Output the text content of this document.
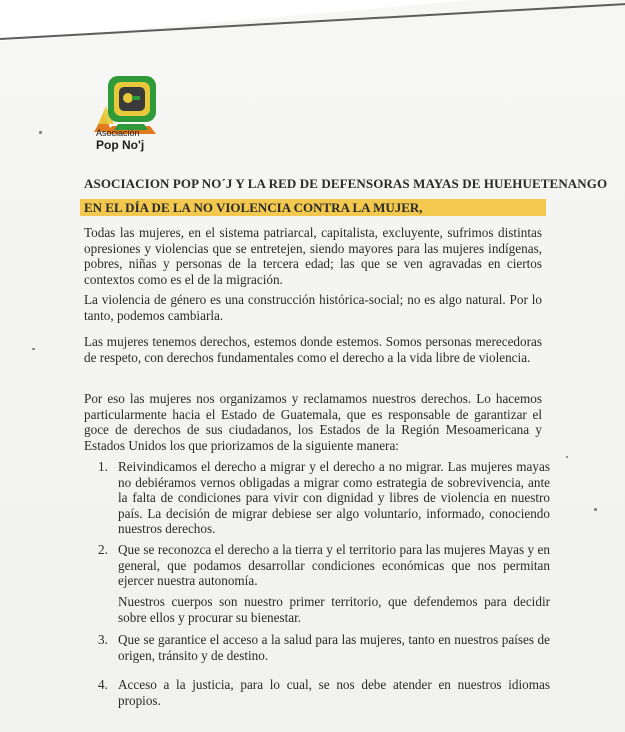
Asociación
Pop No'j

ASOCIACION POP NO´J Y LA RED DE DEFENSORAS MAYAS DE HUEHUETENANGO
EN EL DÍA DE LA NO VIOLENCIA CONTRA LA MUJER,

Todas las mujeres, en el sistema patriarcal, capitalista, excluyente, sufrimos distintas opresiones y violencias que se entretejen, siendo mayores para las mujeres indígenas, pobres, niñas y personas de la tercera edad; las que se ven agravadas en ciertos contextos como es el de la migración.

La violencia de género es una construcción histórica-social; no es algo natural. Por lo tanto, podemos cambiarla.

Las mujeres tenemos derechos, estemos donde estemos. Somos personas merecedoras de respeto, con derechos fundamentales como el derecho a la vida libre de violencia.

Por eso las mujeres nos organizamos y reclamamos nuestros derechos. Lo hacemos particularmente hacia el Estado de Guatemala, que es responsable de garantizar el goce de derechos de sus ciudadanos, los Estados de la Región Mesoamericana y Estados Unidos los que priorizamos de la siguiente manera:

1. Reivindicamos el derecho a migrar y el derecho a no migrar. Las mujeres mayas no debiéramos vernos obligadas a migrar como estrategia de sobrevivencia, ante la falta de condiciones para vivir con dignidad y libres de violencia en nuestro país. La decisión de migrar debiese ser algo voluntario, informado, conociendo nuestros derechos.
2. Que se reconozca el derecho a la tierra y el territorio para las mujeres Mayas y en general, que podamos desarrollar condiciones económicas que nos permitan ejercer nuestra autonomía.
Nuestros cuerpos son nuestro primer territorio, que defendemos para decidir sobre ellos y procurar su bienestar.
3. Que se garantice el acceso a la salud para las mujeres, tanto en nuestros países de origen, tránsito y de destino.
4. Acceso a la justicia, para lo cual, se nos debe atender en nuestros idiomas propios.
